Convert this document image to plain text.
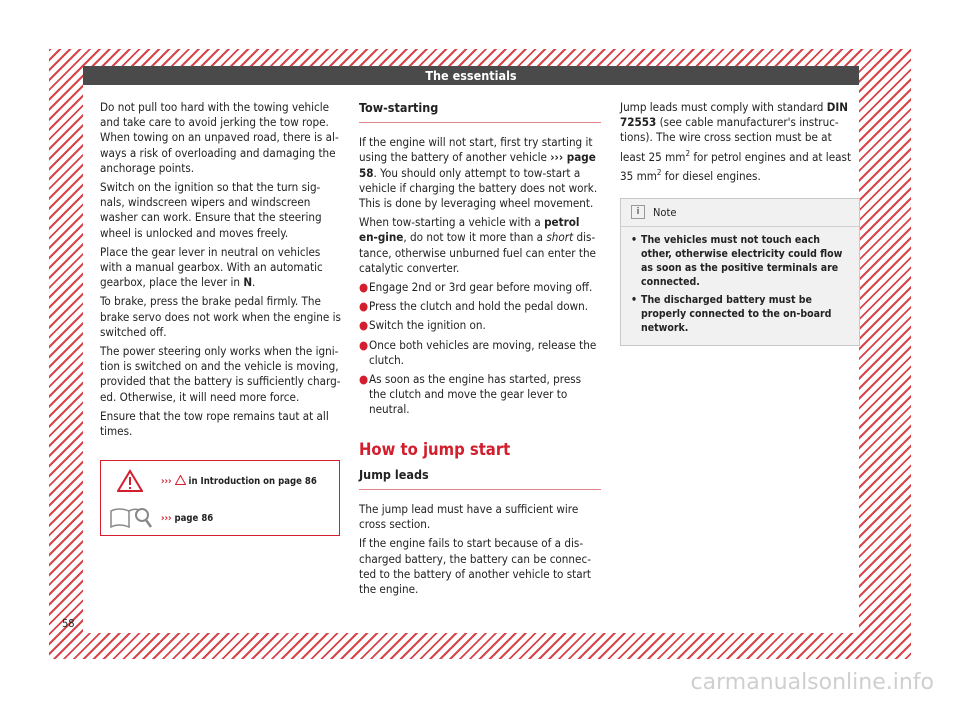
The essentials

Do not pull too hard with the towing vehicle and take care to avoid jerking the tow rope. When towing on an unpaved road, there is al-ways a risk of overloading and damaging the anchorage points.

Switch on the ignition so that the turn sig-nals, windscreen wipers and windscreen washer can work. Ensure that the steering wheel is unlocked and moves freely.

Place the gear lever in neutral on vehicles with a manual gearbox. With an automatic gearbox, place the lever in N.

To brake, press the brake pedal firmly. The brake servo does not work when the engine is switched off.

The power steering only works when the igni-tion is switched on and the vehicle is moving, provided that the battery is sufficiently charg-ed. Otherwise, it will need more force.

Ensure that the tow rope remains taut at all times.

››› in Introduction on page 86
››› page 86
Tow-starting

If the engine will not start, first try starting it using the battery of another vehicle ››› page 58. You should only attempt to tow-start a vehicle if charging the battery does not work. This is done by leveraging wheel movement.

When tow-starting a vehicle with a petrol en-gine, do not tow it more than a short dis-tance, otherwise unburned fuel can enter the catalytic converter.

● Engage 2nd or 3rd gear before moving off.
● Press the clutch and hold the pedal down.
● Switch the ignition on.
● Once both vehicles are moving, release the clutch.
● As soon as the engine has started, press the clutch and move the gear lever to neutral.
How to jump start
Jump leads

The jump lead must have a sufficient wire cross section.

If the engine fails to start because of a dis-charged battery, the battery can be connec-ted to the battery of another vehicle to start the engine.

Jump leads must comply with standard DIN 72553 (see cable manufacturer's instruc-tions). The wire cross section must be at least 25 $mm^2$ for petrol engines and at least 35 $mm^2$ for diesel engines.

i	Note
• The vehicles must not touch each other, otherwise electricity could flow as soon as the positive terminals are connected.
• The discharged battery must be properly connected to the on-board network.
58
carmanualsonline.info
